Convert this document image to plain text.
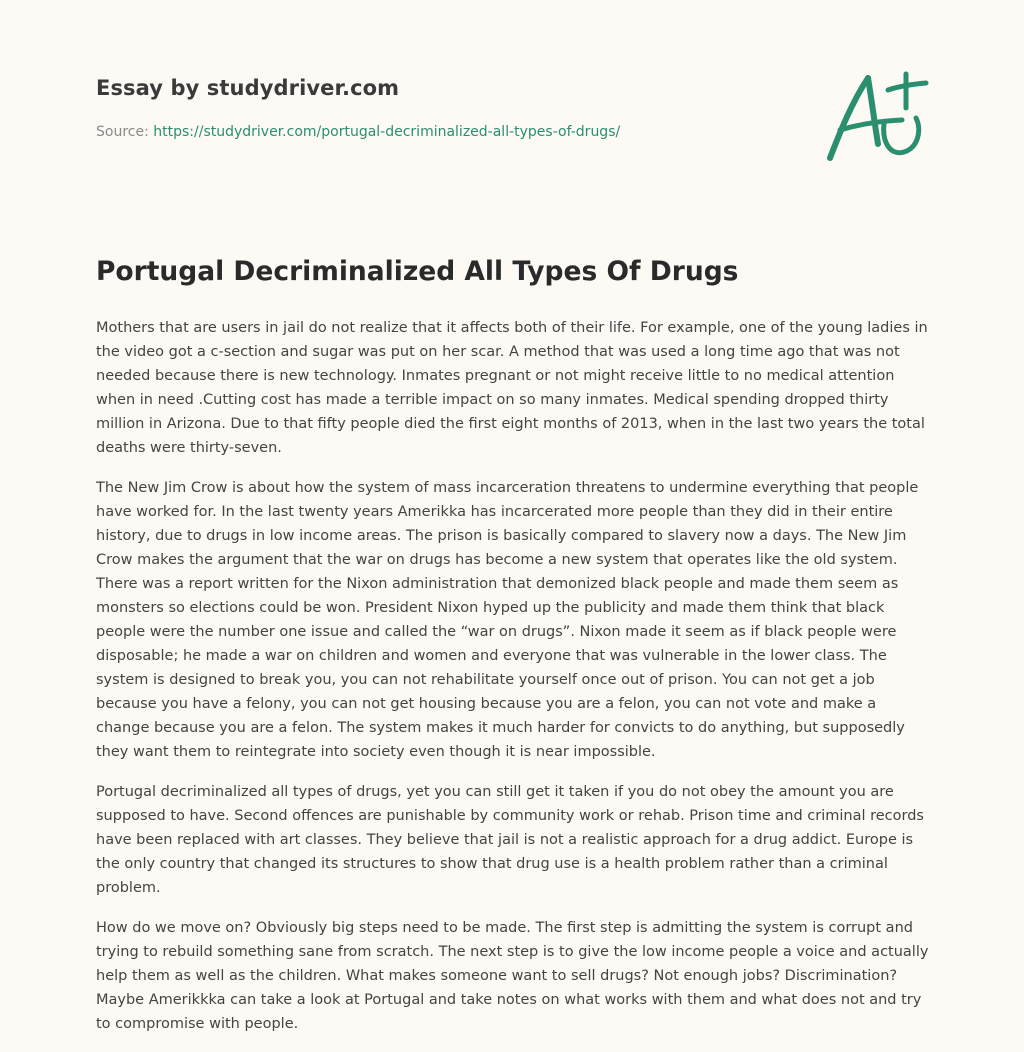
Essay by studydriver.com
Source: https://studydriver.com/portugal-decriminalized-all-types-of-drugs/
Portugal Decriminalized All Types Of Drugs

Mothers that are users in jail do not realize that it affects both of their life. For example, one of the young ladies in the video got a c-section and sugar was put on her scar. A method that was used a long time ago that was not needed because there is new technology. Inmates pregnant or not might receive little to no medical attention when in need .Cutting cost has made a terrible impact on so many inmates. Medical spending dropped thirty million in Arizona. Due to that fifty people died the first eight months of 2013, when in the last two years the total deaths were thirty-seven.

The New Jim Crow is about how the system of mass incarceration threatens to undermine everything that people have worked for. In the last twenty years Amerikka has incarcerated more people than they did in their entire history, due to drugs in low income areas. The prison is basically compared to slavery now a days. The New Jim Crow makes the argument that the war on drugs has become a new system that operates like the old system. There was a report written for the Nixon administration that demonized black people and made them seem as monsters so elections could be won. President Nixon hyped up the publicity and made them think that black people were the number one issue and called the “war on drugs”. Nixon made it seem as if black people were disposable; he made a war on children and women and everyone that was vulnerable in the lower class. The system is designed to break you, you can not rehabilitate yourself once out of prison. You can not get a job because you have a felony, you can not get housing because you are a felon, you can not vote and make a change because you are a felon. The system makes it much harder for convicts to do anything, but supposedly they want them to reintegrate into society even though it is near impossible.

Portugal decriminalized all types of drugs, yet you can still get it taken if you do not obey the amount you are supposed to have. Second offences are punishable by community work or rehab. Prison time and criminal records have been replaced with art classes. They believe that jail is not a realistic approach for a drug addict. Europe is the only country that changed its structures to show that drug use is a health problem rather than a criminal problem.

How do we move on? Obviously big steps need to be made. The first step is admitting the system is corrupt and trying to rebuild something sane from scratch. The next step is to give the low income people a voice and actually help them as well as the children. What makes someone want to sell drugs? Not enough jobs? Discrimination? Maybe Amerikkka can take a look at Portugal and take notes on what works with them and what does not and try to compromise with people.
